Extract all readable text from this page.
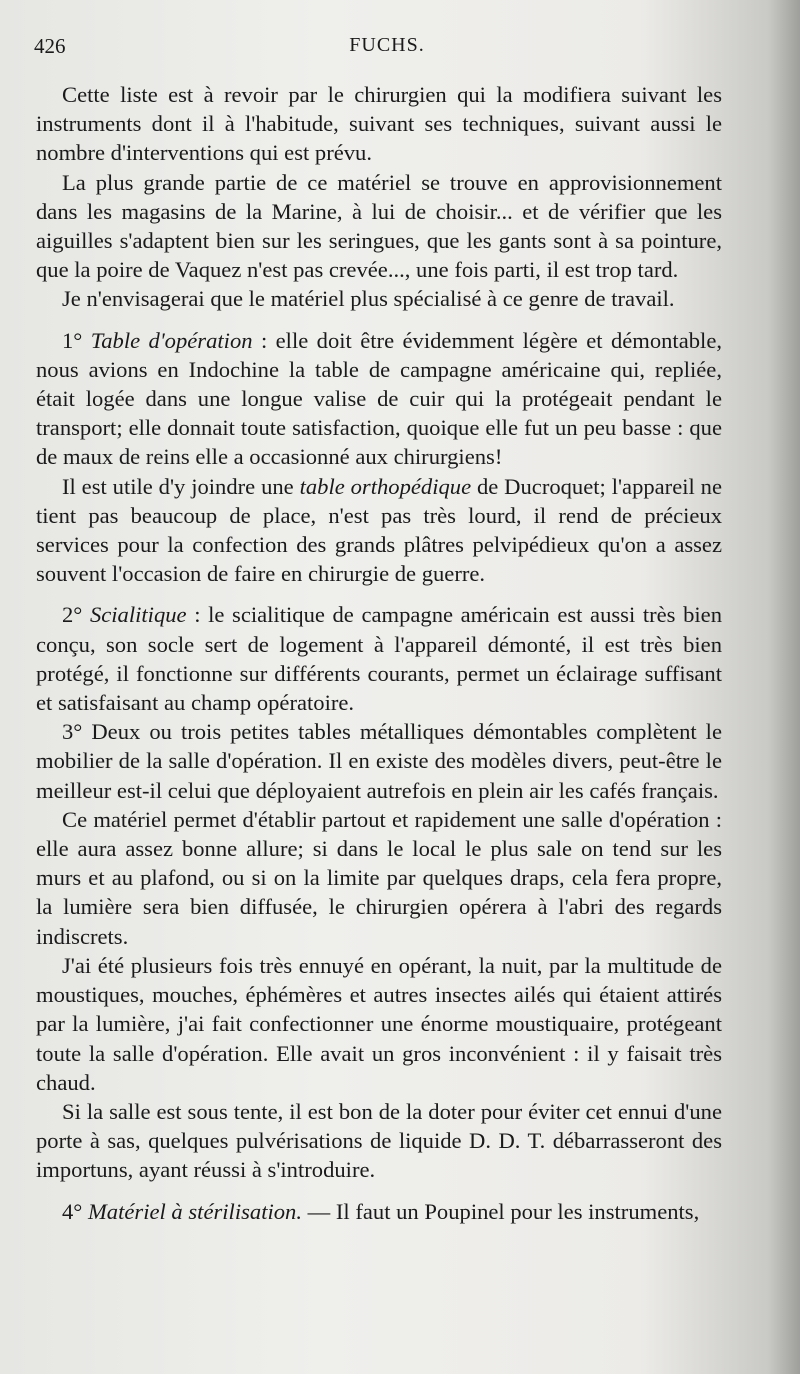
426	FUCHS.

Cette liste est à revoir par le chirurgien qui la modifiera suivant les instruments dont il à l'habitude, suivant ses techniques, suivant aussi le nombre d'interventions qui est prévu.

La plus grande partie de ce matériel se trouve en approvisionnement dans les magasins de la Marine, à lui de choisir... et de vérifier que les aiguilles s'adaptent bien sur les seringues, que les gants sont à sa pointure, que la poire de Vaquez n'est pas crevée..., une fois parti, il est trop tard.

Je n'envisagerai que le matériel plus spécialisé à ce genre de travail.

1° Table d'opération : elle doit être évidemment légère et démontable, nous avions en Indochine la table de campagne américaine qui, repliée, était logée dans une longue valise de cuir qui la protégeait pendant le transport; elle donnait toute satisfaction, quoique elle fut un peu basse : que de maux de reins elle a occasionné aux chirurgiens!

Il est utile d'y joindre une table orthopédique de Ducroquet; l'appareil ne tient pas beaucoup de place, n'est pas très lourd, il rend de précieux services pour la confection des grands plâtres pelvipédieux qu'on a assez souvent l'occasion de faire en chirurgie de guerre.

2° Scialitique : le scialitique de campagne américain est aussi très bien conçu, son socle sert de logement à l'appareil démonté, il est très bien protégé, il fonctionne sur différents courants, permet un éclairage suffisant et satisfaisant au champ opératoire.

3° Deux ou trois petites tables métalliques démontables complètent le mobilier de la salle d'opération. Il en existe des modèles divers, peut-être le meilleur est-il celui que déployaient autrefois en plein air les cafés français.

Ce matériel permet d'établir partout et rapidement une salle d'opération : elle aura assez bonne allure; si dans le local le plus sale on tend sur les murs et au plafond, ou si on la limite par quelques draps, cela fera propre, la lumière sera bien diffusée, le chirurgien opérera à l'abri des regards indiscrets.

J'ai été plusieurs fois très ennuyé en opérant, la nuit, par la multitude de moustiques, mouches, éphémères et autres insectes ailés qui étaient attirés par la lumière, j'ai fait confectionner une énorme moustiquaire, protégeant toute la salle d'opération. Elle avait un gros inconvénient : il y faisait très chaud.

Si la salle est sous tente, il est bon de la doter pour éviter cet ennui d'une porte à sas, quelques pulvérisations de liquide D. D. T. débarrasseront des importuns, ayant réussi à s'introduire.

4° Matériel à stérilisation. — Il faut un Poupinel pour les instruments,
